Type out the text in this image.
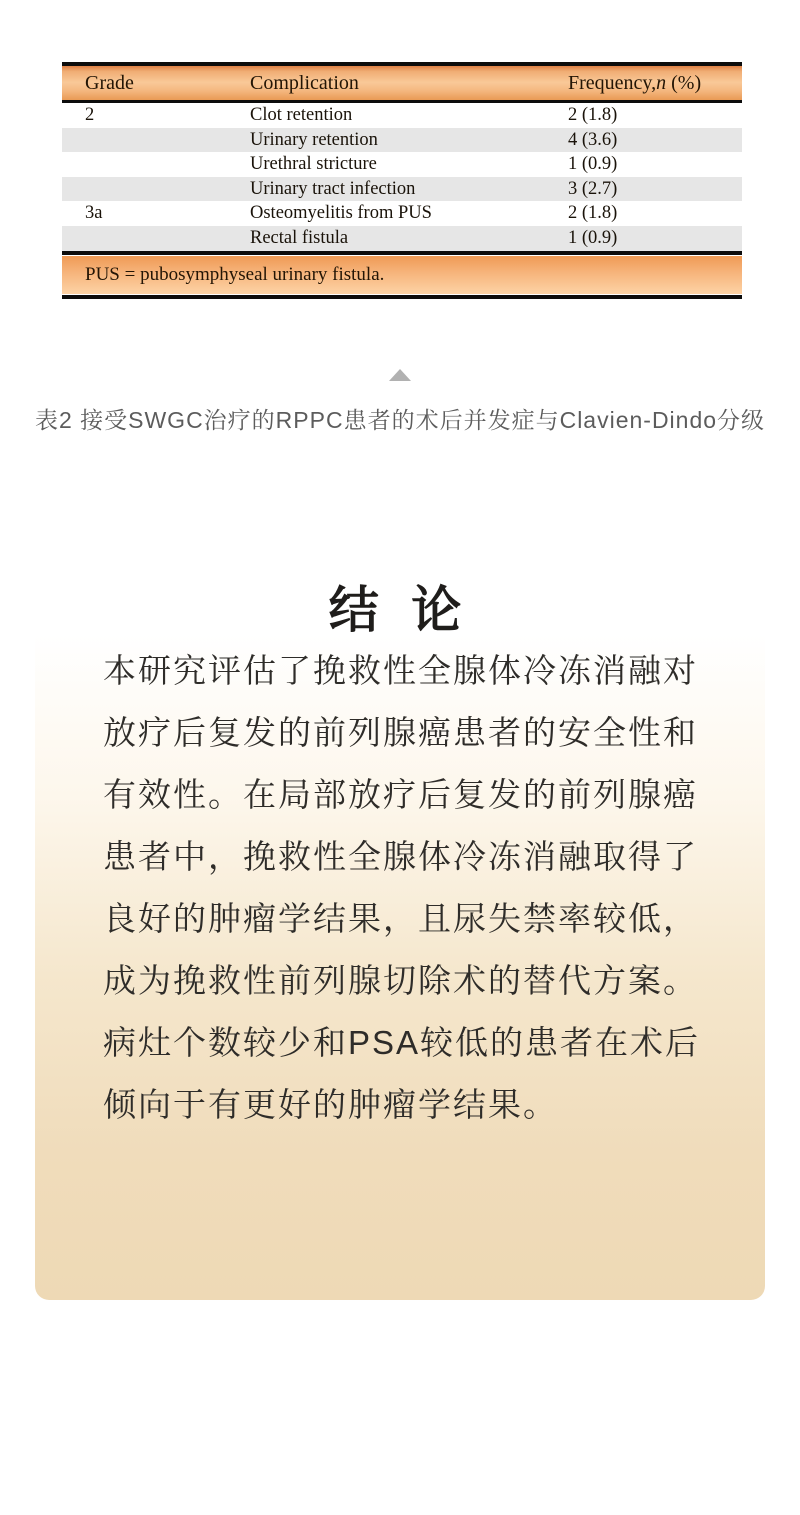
Grade	Complication	Frequency,n (%)
2	Clot retention	2 (1.8)
	Urinary retention	4 (3.6)
	Urethral stricture	1 (0.9)
	Urinary tract infection	3 (2.7)
3a	Osteomyelitis from PUS	2 (1.8)
	Rectal fistula	1 (0.9)
PUS = pubosymphyseal urinary fistula.
表2 接受SWGC治疗的RPPC患者的术后并发症与Clavien-Dindo分级
结 论
本研究评估了挽救性全腺体冷冻消融对
放疗后复发的前列腺癌患者的安全性和
有效性。在局部放疗后复发的前列腺癌
患者中，挽救性全腺体冷冻消融取得了
良好的肿瘤学结果，且尿失禁率较低，
成为挽救性前列腺切除术的替代方案。
病灶个数较少和PSA较低的患者在术后
倾向于有更好的肿瘤学结果。
